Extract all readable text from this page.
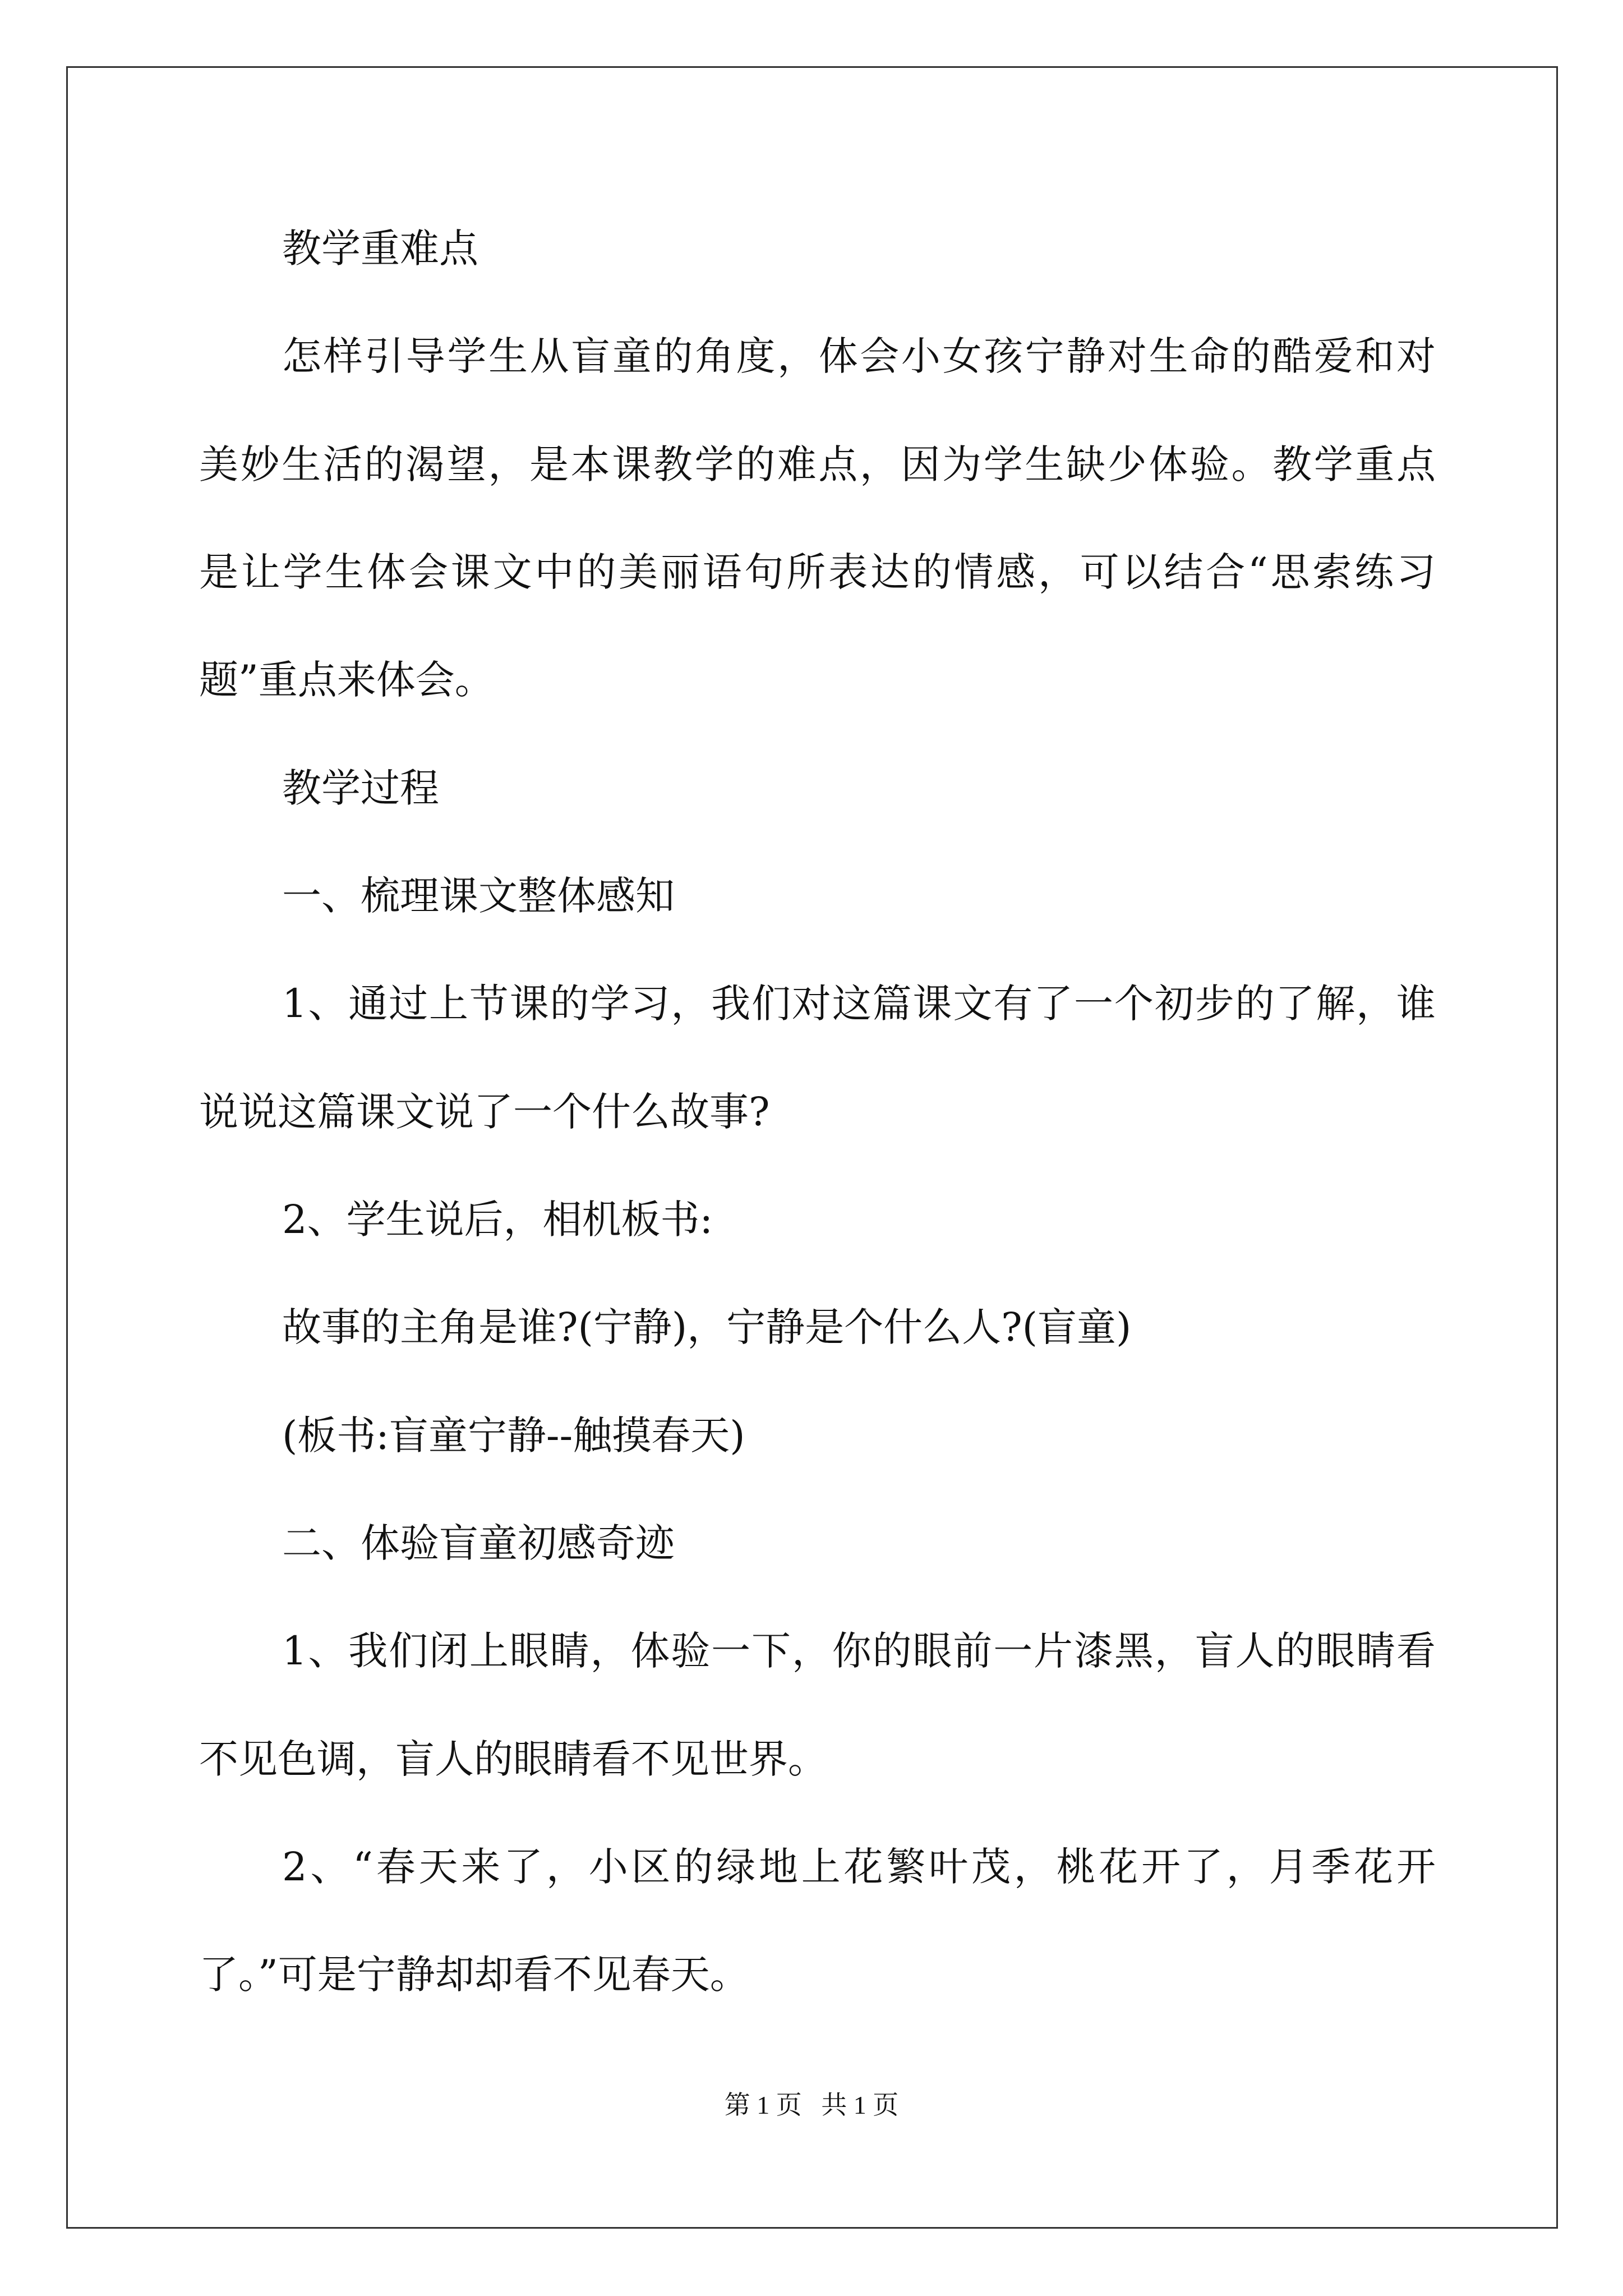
教学重难点
怎样引导学生从盲童的角度，体会小女孩宁静对生命的酷爱和对
美妙生活的渴望，是本课教学的难点，因为学生缺少体验。教学重点
是让学生体会课文中的美丽语句所表达的情感，可以结合“思索练习
题”重点来体会。
教学过程
一、梳理课文整体感知
1、通过上节课的学习，我们对这篇课文有了一个初步的了解，谁
说说这篇课文说了一个什么故事?
2、学生说后，相机板书:
故事的主角是谁?(宁静)，宁静是个什么人?(盲童)
(板书:盲童宁静--触摸春天)
二、体验盲童初感奇迹
1、我们闭上眼睛，体验一下，你的眼前一片漆黑，盲人的眼睛看
不见色调，盲人的眼睛看不见世界。
2、“春天来了，小区的绿地上花繁叶茂，桃花开了，月季花开
了。”可是宁静却却看不见春天。
第 1 页   共 1 页
